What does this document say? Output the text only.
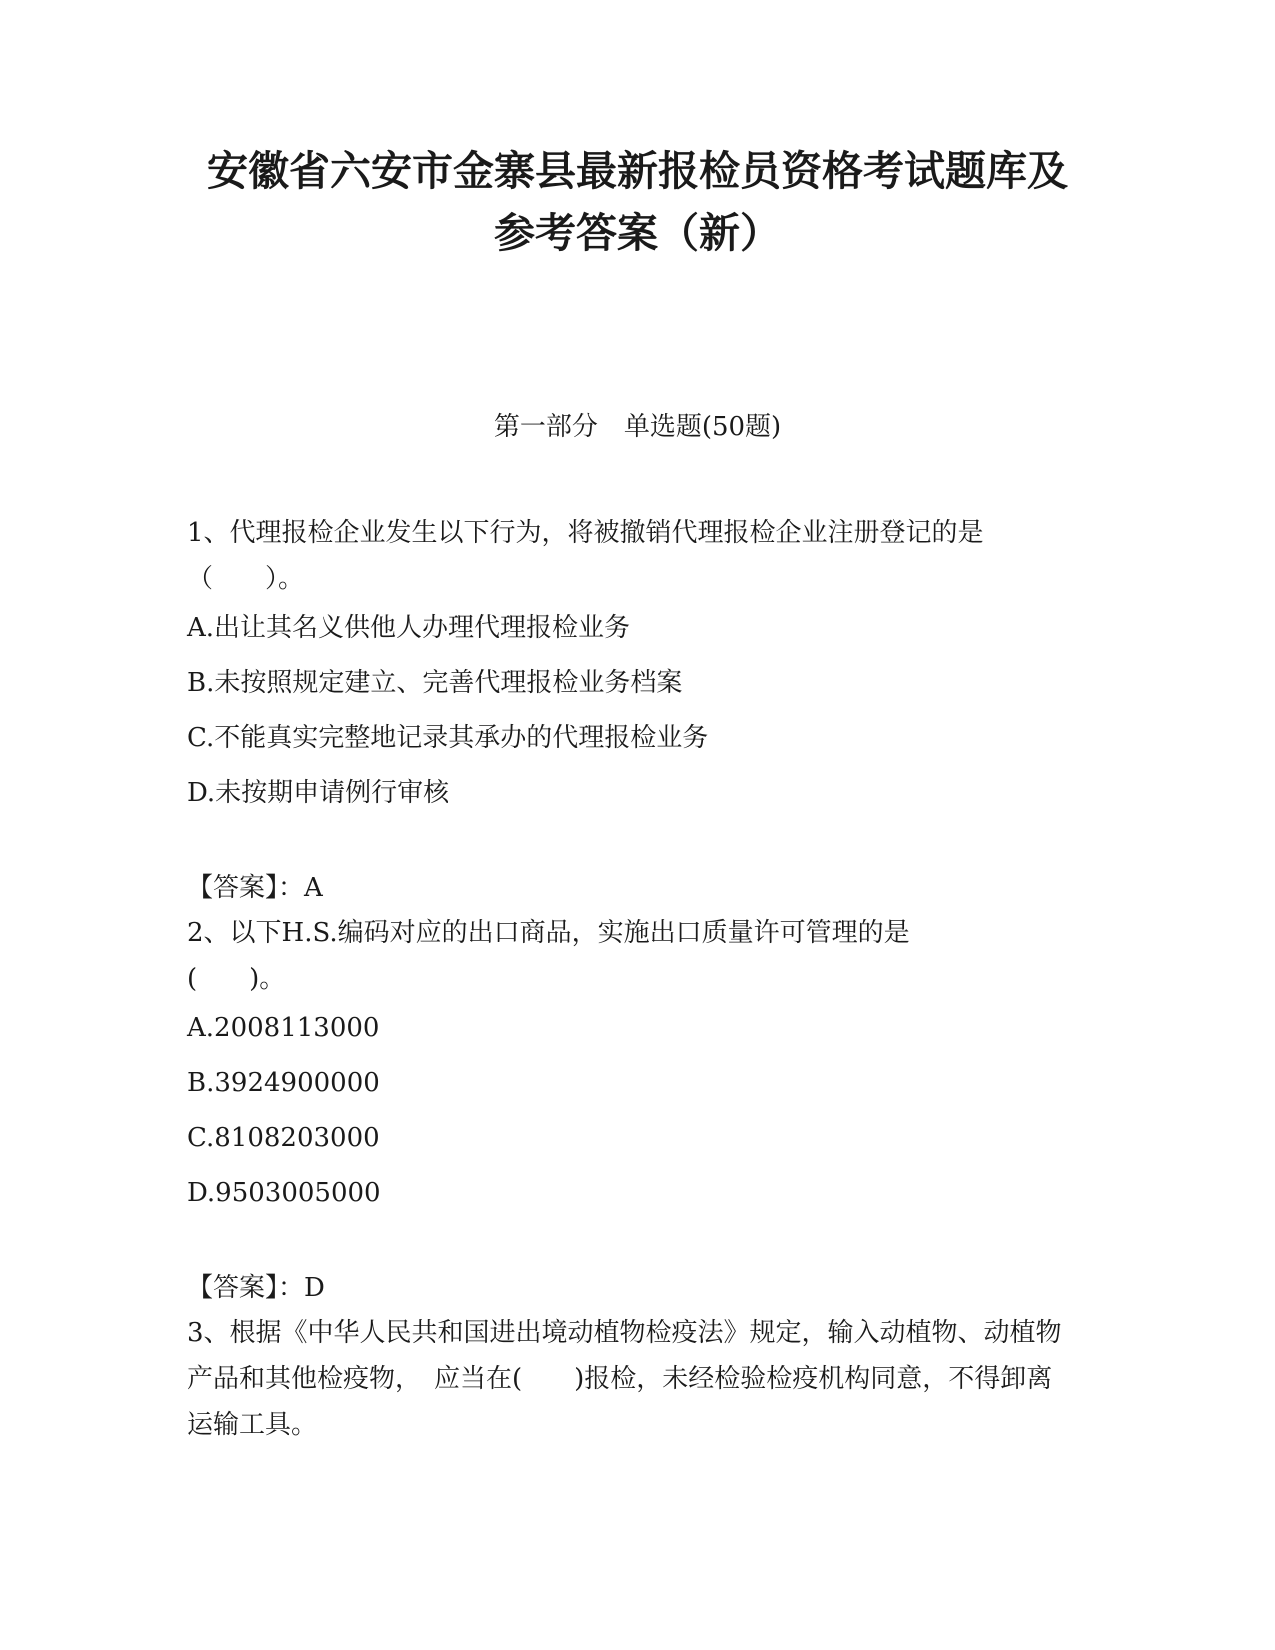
安徽省六安市金寨县最新报检员资格考试题库及
参考答案（新）
第一部分　单选题(50题)

1、代理报检企业发生以下行为，将被撤销代理报检企业注册登记的是（　　）。

A.出让其名义供他人办理代理报检业务

B.未按照规定建立、完善代理报检业务档案

C.不能真实完整地记录其承办的代理报检业务

D.未按期申请例行审核

【答案】：A

2、以下H.S.编码对应的出口商品，实施出口质量许可管理的是(　　)。

A.2008113000

B.3924900000

C.8108203000

D.9503005000

【答案】：D

3、根据《中华人民共和国进出境动植物检疫法》规定，输入动植物、动植物产品和其他检疫物，　应当在(　　)报检，未经检验检疫机构同意，不得卸离运输工具。
